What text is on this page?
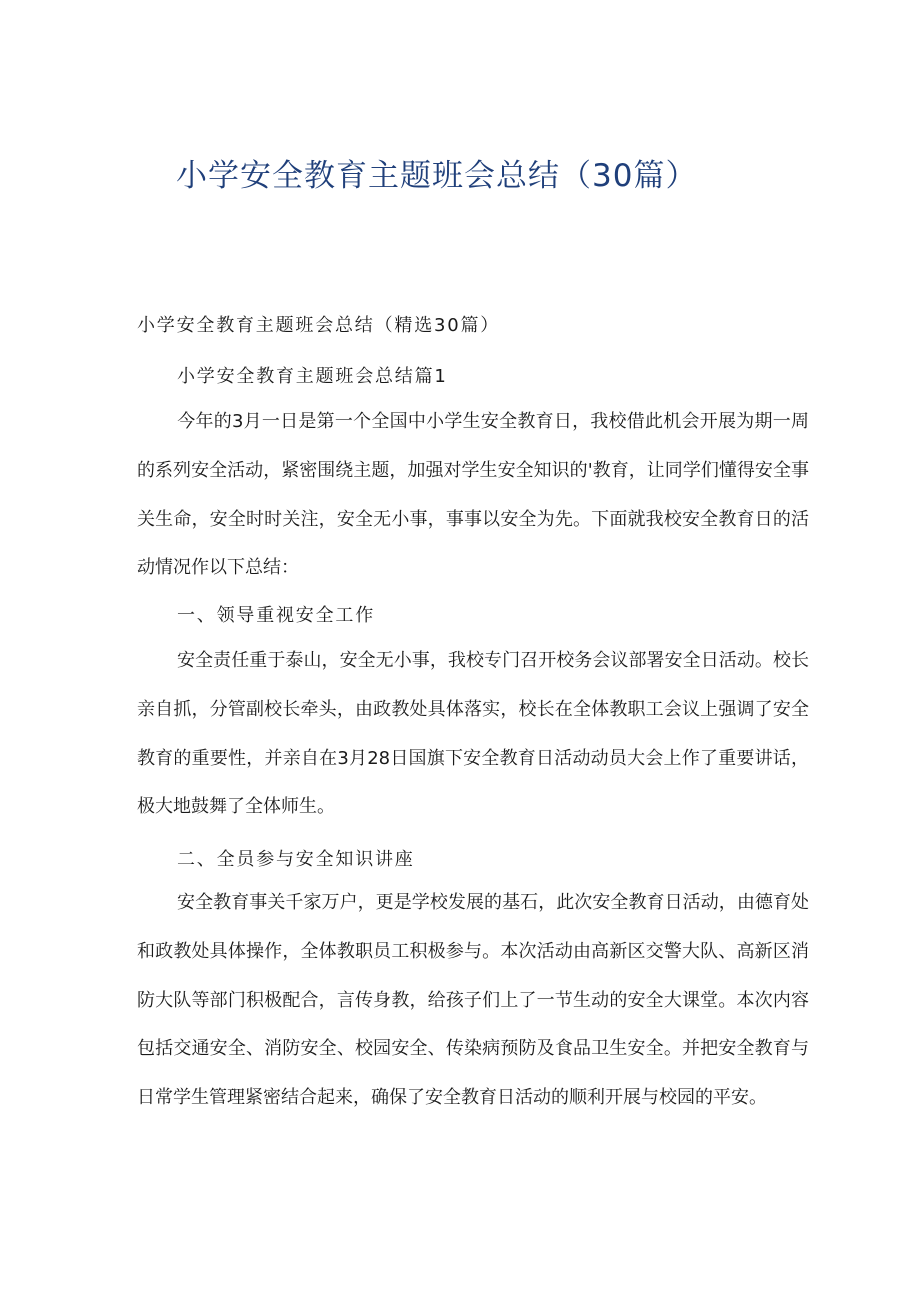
小学安全教育主题班会总结（30篇）
小学安全教育主题班会总结（精选30篇）
小学安全教育主题班会总结篇1

今年的3月一日是第一个全国中小学生安全教育日，我校借此机会开展为期一周的系列安全活动，紧密围绕主题，加强对学生安全知识的'教育，让同学们懂得安全事关生命，安全时时关注，安全无小事，事事以安全为先。下面就我校安全教育日的活动情况作以下总结：

一、领导重视安全工作

安全责任重于泰山，安全无小事，我校专门召开校务会议部署安全日活动。校长亲自抓，分管副校长牵头，由政教处具体落实，校长在全体教职工会议上强调了安全教育的重要性，并亲自在3月28日国旗下安全教育日活动动员大会上作了重要讲话，极大地鼓舞了全体师生。

二、全员参与安全知识讲座

安全教育事关千家万户，更是学校发展的基石，此次安全教育日活动，由德育处和政教处具体操作，全体教职员工积极参与。本次活动由高新区交警大队、高新区消防大队等部门积极配合，言传身教，给孩子们上了一节生动的安全大课堂。本次内容包括交通安全、消防安全、校园安全、传染病预防及食品卫生安全。并把安全教育与日常学生管理紧密结合起来，确保了安全教育日活动的顺利开展与校园的平安。
